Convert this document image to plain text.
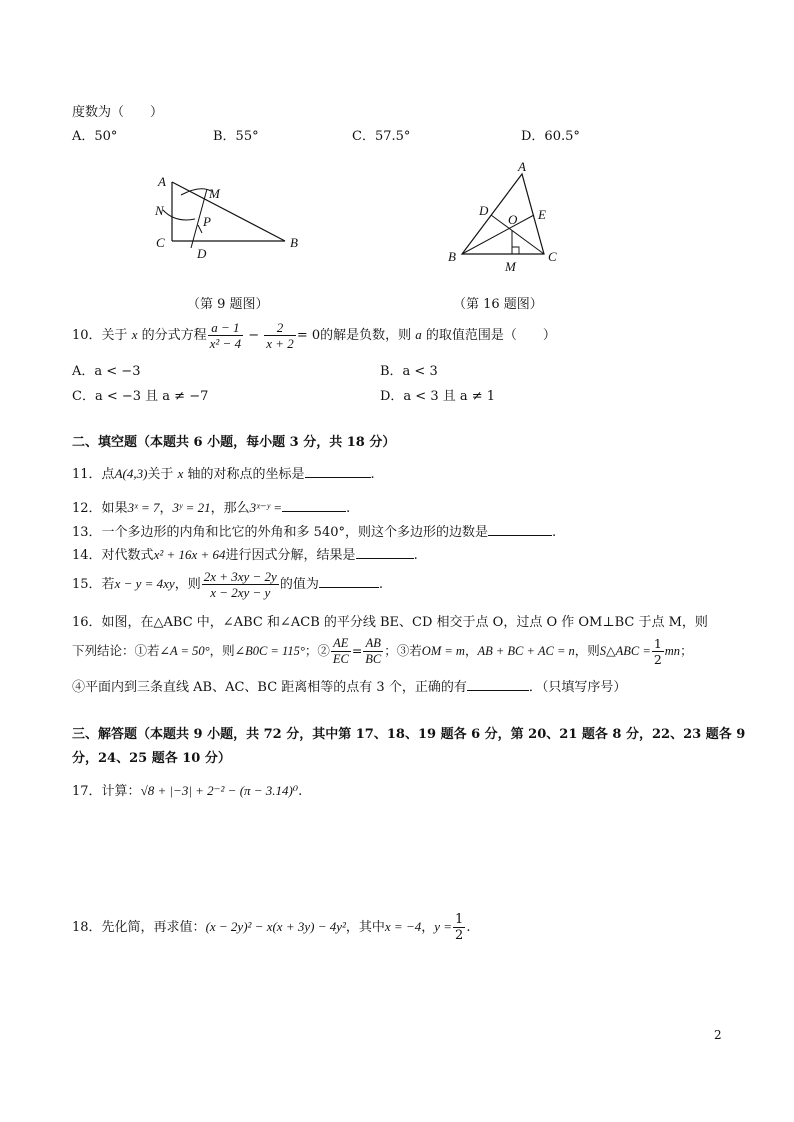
度数为（　　）
A．50°	B．55°	C．57.5°	D．60.5°
A
M
N
P
C
D
B
（第 9 题图）
A
D
O E
B
M
C
（第 16 题图）
10．关于 x 的分式方程 $\frac{a - 1}{\text{x² − 4}} - \frac{2}{x + 2} = 0$的解是负数，则 a 的取值范围是（　　）
A．a < −3	B．a < 3
C．a < −3 且 a ≠ −7	D．a < 3 且 a ≠ 1
二、填空题（本题共 6 小题，每小题 3 分，共 18 分）
11．点A(4,3)关于 x 轴的对称点的坐标是	.
12．如果3ˣ = 7，3ʸ = 21，那么3ˣ⁻ʸ =	.
13．一个多边形的内角和比它的外角和多 540°，则这个多边形的边数是	.
14．对代数式x² + 16x + 64进行因式分解，结果是	.
15．若x − y = 4xy，则 $\frac{2x + 3xy - 2y}{x - 2xy - y}$ 的值为	.
16．如图，在△ABC 中，∠ABC 和∠ACB 的平分线 BE、CD 相交于点 O，过点 O 作 OM⊥BC 于点 M，则
下列结论：①若∠A = 50°，则∠B0C = 115°；② $\frac{AE}{EC} = \frac{AB}{BC}$ ；③若OM = m，AB + BC + AC = n，则S△ABC = $\frac{1}{2}$ mn；
④平面内到三条直线 AB、AC、BC 距离相等的点有 3 个，正确的有	．（只填写序号）
三、解答题（本题共 9 小题，共 72 分，其中第 17、18、19 题各 6 分，第 20、21 题各 8 分，22、23 题各 9
分，24、25 题各 10 分）
17．计算：√8 + |−3| + 2⁻² − (π − 3.14)⁰.
18．先化简，再求值：(x − 2y)² − x(x + 3y) − 4y²，其中x = −4，$y = \frac{1}{2}$ .
2
